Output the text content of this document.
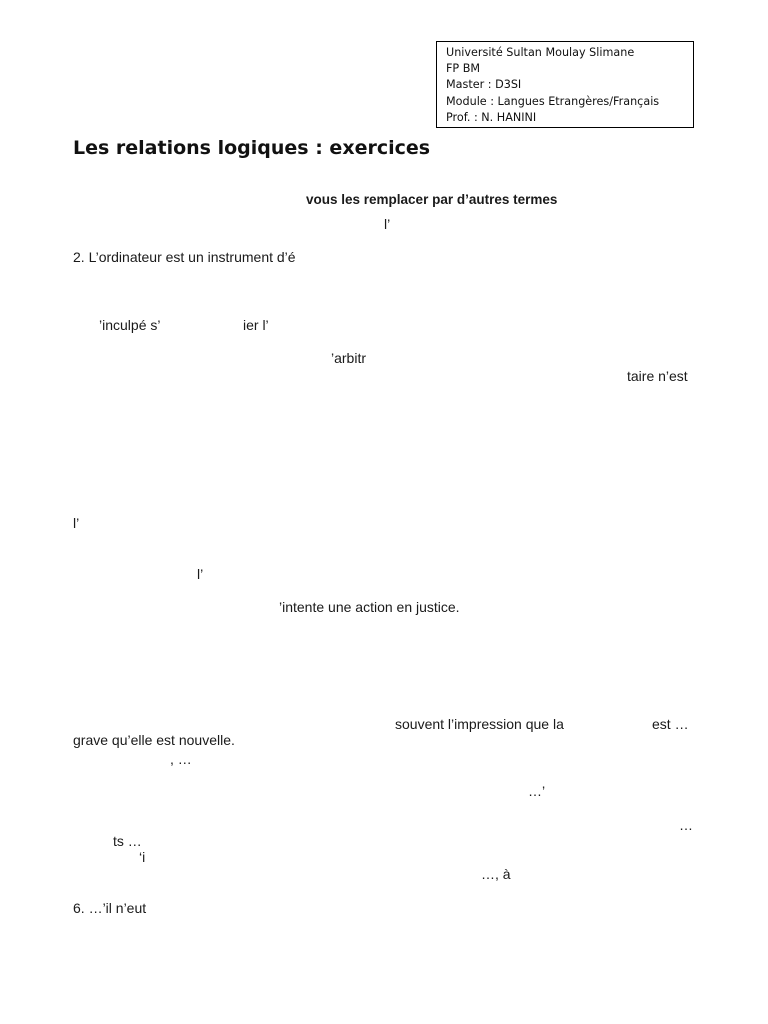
Université Sultan Moulay Slimane
FP BM
Master : D3SI
Module : Langues Etrangères/Français
Prof. : N. HANINI
Les relations logiques : exercices
vous les remplacer par d’autres termes
l’
2. L’ordinateur est un instrument d’é
’inculpé s’	ier l’
’arbitr
taire n’est
l’
l’
’intente une action en justice.
souvent l’impression que la	est …
grave qu’elle est nouvelle.
, …
…’
…
ts …
‘i
…, à
6. …’il n’eut
